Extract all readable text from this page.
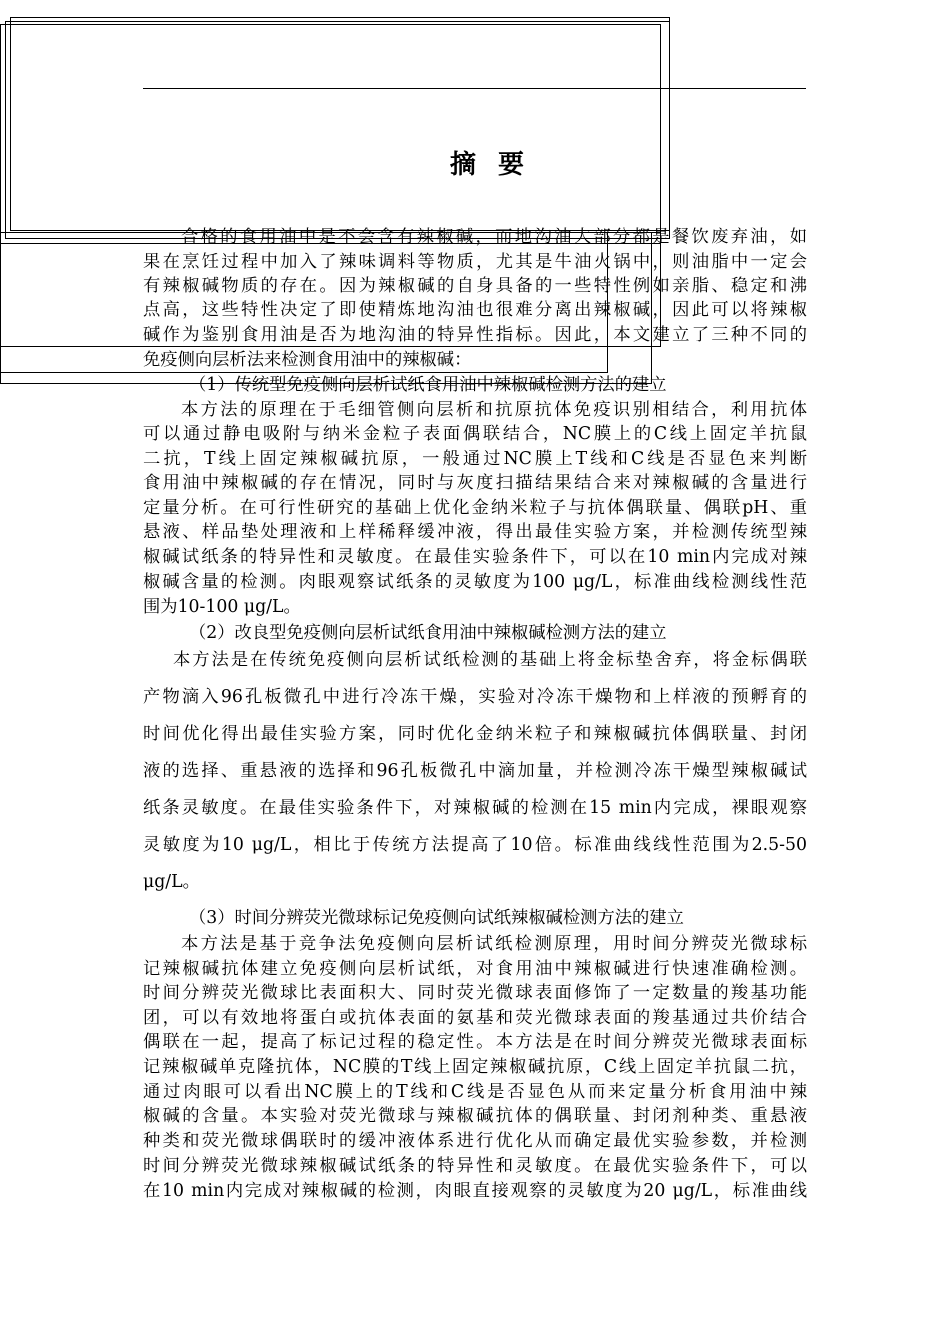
摘要
合格的食用油中是不会含有辣椒碱，而地沟油大部分都是餐饮废弃油，如
果在烹饪过程中加入了辣味调料等物质，尤其是牛油火锅中，则油脂中一定会
有辣椒碱物质的存在。因为辣椒碱的自身具备的一些特性例如亲脂、稳定和沸
点高，这些特性决定了即使精炼地沟油也很难分离出辣椒碱，因此可以将辣椒
碱作为鉴别食用油是否为地沟油的特异性指标。因此，本文建立了三种不同的
免疫侧向层析法来检测食用油中的辣椒碱：
（1）传统型免疫侧向层析试纸食用油中辣椒碱检测方法的建立
本方法的原理在于毛细管侧向层析和抗原抗体免疫识别相结合，利用抗体
可以通过静电吸附与纳米金粒子表面偶联结合，NC膜上的C线上固定羊抗鼠
二抗，T线上固定辣椒碱抗原，一般通过NC膜上T线和C线是否显色来判断
食用油中辣椒碱的存在情况，同时与灰度扫描结果结合来对辣椒碱的含量进行
定量分析。在可行性研究的基础上优化金纳米粒子与抗体偶联量、偶联pH、重
悬液、样品垫处理液和上样稀释缓冲液，得出最佳实验方案，并检测传统型辣
椒碱试纸条的特异性和灵敏度。在最佳实验条件下，可以在10 min内完成对辣
椒碱含量的检测。肉眼观察试纸条的灵敏度为100 μg/L，标准曲线检测线性范
围为10-100 μg/L。
（2）改良型免疫侧向层析试纸食用油中辣椒碱检测方法的建立
本方法是在传统免疫侧向层析试纸检测的基础上将金标垫舍弃，将金标偶联
产物滴入96孔板微孔中进行冷冻干燥，实验对冷冻干燥物和上样液的预孵育的
时间优化得出最佳实验方案，同时优化金纳米粒子和辣椒碱抗体偶联量、封闭
液的选择、重悬液的选择和96孔板微孔中滴加量，并检测冷冻干燥型辣椒碱试
纸条灵敏度。在最佳实验条件下，对辣椒碱的检测在15 min内完成，裸眼观察
灵敏度为10 μg/L，相比于传统方法提高了10倍。标准曲线线性范围为2.5-50
μg/L。
（3）时间分辨荧光微球标记免疫侧向试纸辣椒碱检测方法的建立
本方法是基于竞争法免疫侧向层析试纸检测原理，用时间分辨荧光微球标
记辣椒碱抗体建立免疫侧向层析试纸，对食用油中辣椒碱进行快速准确检测。
时间分辨荧光微球比表面积大、同时荧光微球表面修饰了一定数量的羧基功能
团，可以有效地将蛋白或抗体表面的氨基和荧光微球表面的羧基通过共价结合
偶联在一起，提高了标记过程的稳定性。本方法是在时间分辨荧光微球表面标
记辣椒碱单克隆抗体，NC膜的T线上固定辣椒碱抗原，C线上固定羊抗鼠二抗，
通过肉眼可以看出NC膜上的T线和C线是否显色从而来定量分析食用油中辣
椒碱的含量。本实验对荧光微球与辣椒碱抗体的偶联量、封闭剂种类、重悬液
种类和荧光微球偶联时的缓冲液体系进行优化从而确定最优实验参数，并检测
时间分辨荧光微球辣椒碱试纸条的特异性和灵敏度。在最优实验条件下，可以
在10 min内完成对辣椒碱的检测，肉眼直接观察的灵敏度为20 μg/L，标准曲线
